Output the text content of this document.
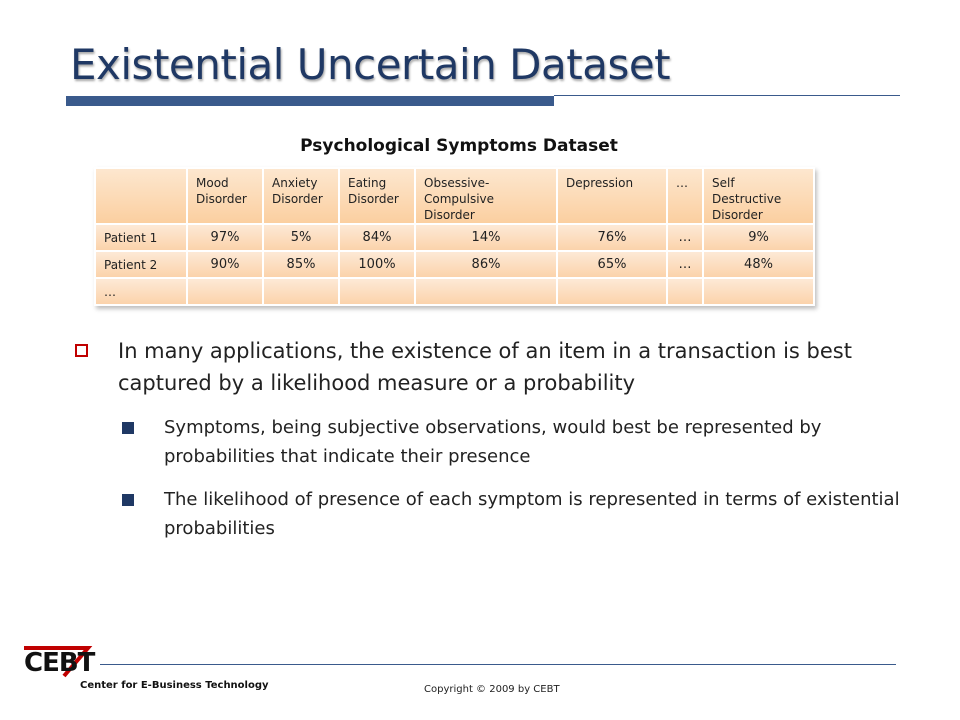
Existential Uncertain Dataset
Psychological Symptoms Dataset
	Mood Disorder	Anxiety Disorder	Eating Disorder	Obsessive-Compulsive Disorder	Depression	…	Self Destructive Disorder
Patient 1	97%	5%	84%	14%	76%	…	9%
Patient 2	90%	85%	100%	86%	65%	…	48%
…							
In many applications, the existence of an item in a transaction is best captured by a likelihood measure or a probability
Symptoms, being subjective observations, would best be represented by probabilities that indicate their presence
The likelihood of presence of each symptom is represented in terms of existential probabilities
CEBT
Center for E-Business Technology	Copyright © 2009 by CEBT
